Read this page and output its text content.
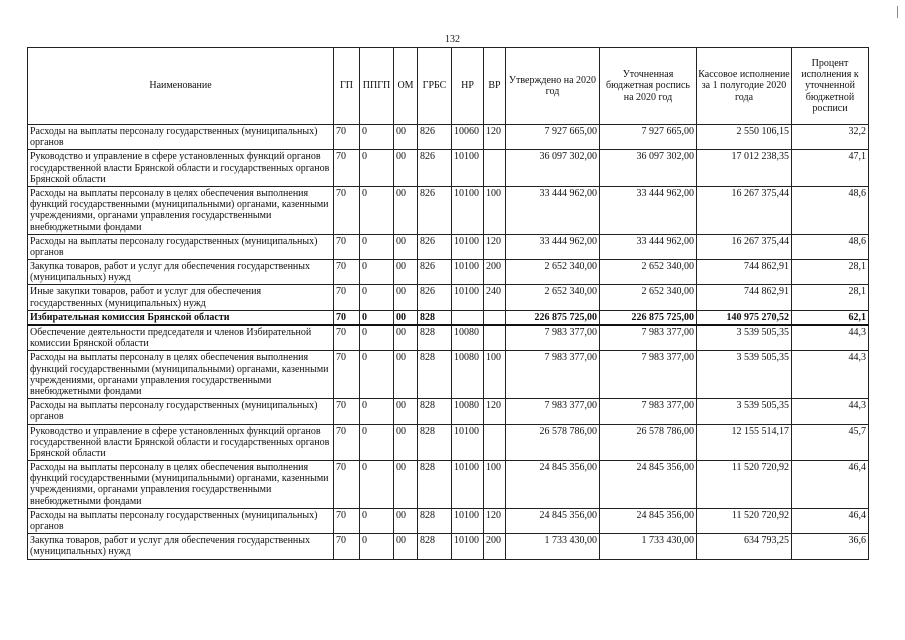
132
Наименование	ГП	ППГП	ОМ	ГРБС	НР	ВР	Утверждено на 2020 год	Уточненная бюджетная роспись на 2020 год	Кассовое исполнение за 1 полугодие 2020 года	Процент исполнения к уточненной бюджетной росписи
Расходы на выплаты персоналу государственных (муниципальных) органов	70	0	00	826	10060	120	7 927 665,00	7 927 665,00	2 550 106,15	32,2
Руководство и управление в сфере установленных функций органов государственной власти Брянской области и государственных органов Брянской области	70	0	00	826	10100		36 097 302,00	36 097 302,00	17 012 238,35	47,1
Расходы на выплаты персоналу в целях обеспечения выполнения функций государственными (муниципальными) органами, казенными учреждениями, органами управления государственными внебюджетными фондами	70	0	00	826	10100	100	33 444 962,00	33 444 962,00	16 267 375,44	48,6
Расходы на выплаты персоналу государственных (муниципальных) органов	70	0	00	826	10100	120	33 444 962,00	33 444 962,00	16 267 375,44	48,6
Закупка товаров, работ и услуг для обеспечения государственных (муниципальных) нужд	70	0	00	826	10100	200	2 652 340,00	2 652 340,00	744 862,91	28,1
Иные закупки товаров, работ и услуг для обеспечения государственных (муниципальных) нужд	70	0	00	826	10100	240	2 652 340,00	2 652 340,00	744 862,91	28,1
Избирательная комиссия Брянской области	70	0	00	828			226 875 725,00	226 875 725,00	140 975 270,52	62,1
Обеспечение деятельности председателя и членов Избирательной комиссии Брянской области	70	0	00	828	10080		7 983 377,00	7 983 377,00	3 539 505,35	44,3
Расходы на выплаты персоналу в целях обеспечения выполнения функций государственными (муниципальными) органами, казенными учреждениями, органами управления государственными внебюджетными фондами	70	0	00	828	10080	100	7 983 377,00	7 983 377,00	3 539 505,35	44,3
Расходы на выплаты персоналу государственных (муниципальных) органов	70	0	00	828	10080	120	7 983 377,00	7 983 377,00	3 539 505,35	44,3
Руководство и управление в сфере установленных функций органов государственной власти Брянской области и государственных органов Брянской области	70	0	00	828	10100		26 578 786,00	26 578 786,00	12 155 514,17	45,7
Расходы на выплаты персоналу в целях обеспечения выполнения функций государственными (муниципальными) органами, казенными учреждениями, органами управления государственными внебюджетными фондами	70	0	00	828	10100	100	24 845 356,00	24 845 356,00	11 520 720,92	46,4
Расходы на выплаты персоналу государственных (муниципальных) органов	70	0	00	828	10100	120	24 845 356,00	24 845 356,00	11 520 720,92	46,4
Закупка товаров, работ и услуг для обеспечения государственных (муниципальных) нужд	70	0	00	828	10100	200	1 733 430,00	1 733 430,00	634 793,25	36,6
